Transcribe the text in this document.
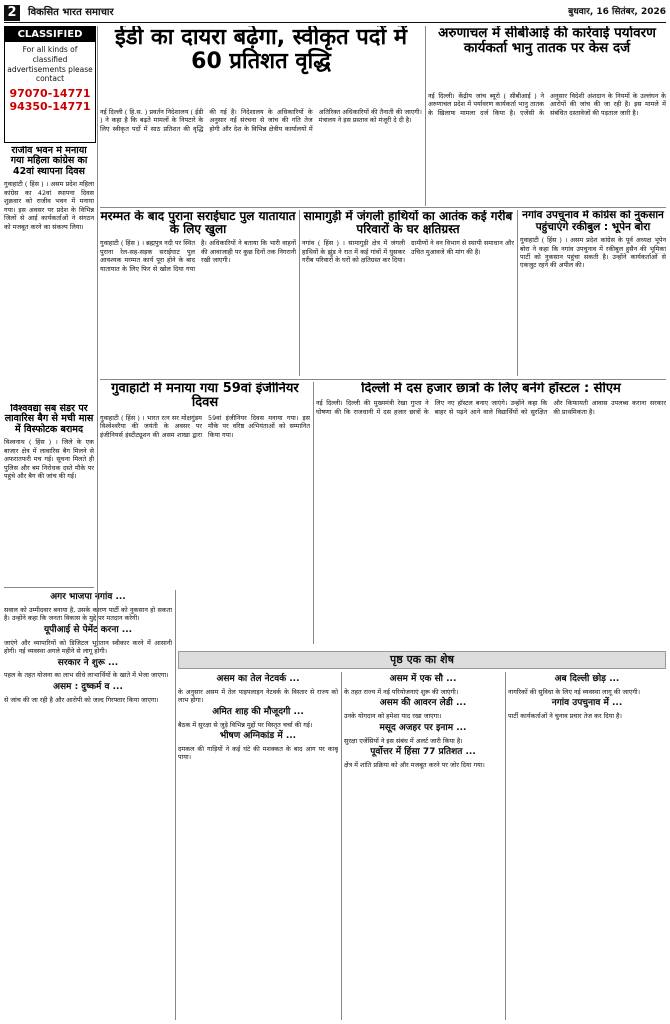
2	विकसित भारत समाचार	बुधवार, 16 सितंबर, 2026
CLASSIFIED
For all kinds of classified advertisements please contact
97070-14771
94350-14771
ईडी का दायरा बढ़ेगा, स्वीकृत पदों में 60 प्रतिशत वृद्धि
नई दिल्ली ( हि.स. ) प्रवर्तन निदेशालय ( ईडी ) ने कहा है कि बढ़ते मामलों के निपटारे के लिए स्वीकृत पदों में साठ प्रतिशत की वृद्धि की गई है। निदेशालय के अधिकारियों के अनुसार नई संरचना से जांच की गति तेज होगी और देश के विभिन्न क्षेत्रीय कार्यालयों में अतिरिक्त अधिकारियों की तैनाती की जाएगी। मंत्रालय ने इस प्रस्ताव को मंजूरी दे दी है।
अरुणाचल में सीबीआई की कार्रवाई पर्यावरण कार्यकर्ता भानु तातक पर केस दर्ज
नई दिल्ली। केंद्रीय जांच ब्यूरो ( सीबीआई ) ने अरुणाचल प्रदेश में पर्यावरण कार्यकर्ता भानु तातक के खिलाफ मामला दर्ज किया है। एजेंसी के अनुसार विदेशी अंशदान के नियमों के उल्लंघन के आरोपों की जांच की जा रही है। इस मामले में संबंधित दस्तावेजों की पड़ताल जारी है।
राजीव भवन में मनाया गया महिला कांग्रेस का 42वां स्थापना दिवस
गुवाहाटी ( हिंस ) । असम प्रदेश महिला कांग्रेस का 42वां स्थापना दिवस शुक्रवार को राजीव भवन में मनाया गया। इस अवसर पर प्रदेश के विभिन्न जिलों से आई कार्यकर्ताओं ने संगठन को मजबूत करने का संकल्प लिया।
विश्ववद्या सब सेंडर पर लावारिस बैग से मची मास में विस्फोटक बरामद
विश्वनाथ ( हिंस ) । जिले के एक बाजार क्षेत्र में लावारिस बैग मिलने से अफरातफरी मच गई। सूचना मिलते ही पुलिस और बम निरोधक दस्ते मौके पर पहुंचे और बैग की जांच की गई।
मरम्मत के बाद पुराना सराईघाट पुल यातायात के लिए खुला
गुवाहाटी ( हिंस ) । ब्रह्मपुत्र नदी पर स्थित पुराना रेल-सह-सड़क सराईघाट पुल आवश्यक मरम्मत कार्य पूरा होने के बाद यातायात के लिए फिर से खोल दिया गया है। अधिकारियों ने बताया कि भारी वाहनों की आवाजाही पर कुछ दिनों तक निगरानी रखी जाएगी।
सामागुड़ी में जंगली हाथियों का आतंक कई गरीब परिवारों के घर क्षतिग्रस्त
नगांव ( हिंस ) । सामागुड़ी क्षेत्र में जंगली हाथियों के झुंड ने रात में कई गांवों में घुसकर गरीब परिवारों के घरों को क्षतिग्रस्त कर दिया। ग्रामीणों ने वन विभाग से स्थायी समाधान और उचित मुआवजे की मांग की है।
नगांव उपचुनाव में कांग्रेस को नुकसान पहुंचाएंगे रकीबुल : भूपेन बोरा
गुवाहाटी ( हिंस ) । असम प्रदेश कांग्रेस के पूर्व अध्यक्ष भूपेन बोरा ने कहा कि नगांव उपचुनाव में रकीबुल हुसैन की भूमिका पार्टी को नुकसान पहुंचा सकती है। उन्होंने कार्यकर्ताओं से एकजुट रहने की अपील की।
गुवाहाटी में मनाया गया 59वां इंजीनियर दिवस
गुवाहाटी ( हिंस ) । भारत रत्न सर मोक्षगुंडम विश्वेश्वरैया की जयंती के अवसर पर इंजीनियर्स इंस्टीट्यूशन की असम शाखा द्वारा 59वां इंजीनियर दिवस मनाया गया। इस मौके पर वरिष्ठ अभियंताओं को सम्मानित किया गया।
दिल्ली में दस हजार छात्रों के लिए बनेंगे हॉस्टल : सीएम
नई दिल्ली। दिल्ली की मुख्यमंत्री रेखा गुप्ता ने घोषणा की कि राजधानी में दस हजार छात्रों के लिए नए हॉस्टल बनाए जाएंगे। उन्होंने कहा कि बाहर से पढ़ने आने वाले विद्यार्थियों को सुरक्षित और किफायती आवास उपलब्ध कराना सरकार की प्राथमिकता है।
पृष्ठ एक का शेष
अगर भाजपा नगांव ...
सवाल को उम्मीदवार बनाया है, उसके कारण पार्टी को नुकसान हो सकता है। उन्होंने कहा कि जनता विकास के मुद्दे पर मतदान करेगी।
यूपीआई से पेमेंट करना ...
जाएंगे और व्यापारियों को डिजिटल भुगतान स्वीकार करने में आसानी होगी। नई व्यवस्था अगले महीने से लागू होगी।
सरकार ने शुरू ...
पहल के तहत योजना का लाभ सीधे लाभार्थियों के खाते में भेजा जाएगा।
असम : दुष्कर्म व ...
से जांच की जा रही है और आरोपी को जल्द गिरफ्तार किया जाएगा।
असम का तेल नेटवर्क ...
के अनुसार असम में तेल पाइपलाइन नेटवर्क के विस्तार से राज्य को लाभ होगा।
अमित शाह की मौजूदगी ...
बैठक में सुरक्षा से जुड़े विभिन्न मुद्दों पर विस्तृत चर्चा की गई।
भीषण अग्निकांड में ...
दमकल की गाड़ियों ने कई घंटे की मशक्कत के बाद आग पर काबू पाया।
असम में एक सौ ...
के तहत राज्य में नई परियोजनाएं शुरू की जाएंगी।
असम की आवरन लेडी ...
उनके योगदान को हमेशा याद रखा जाएगा।
मसूद अजहर पर इनाम ...
सुरक्षा एजेंसियों ने इस संबंध में अलर्ट जारी किया है।
पूर्वोत्तर में हिंसा 77 प्रतिशत ...
क्षेत्र में शांति प्रक्रिया को और मजबूत करने पर जोर दिया गया।
अब दिल्ली छोड़ ...
नागरिकों की सुविधा के लिए नई व्यवस्था लागू की जाएगी।
नगांव उपचुनाव में ...
पार्टी कार्यकर्ताओं ने चुनाव प्रचार तेज कर दिया है।
